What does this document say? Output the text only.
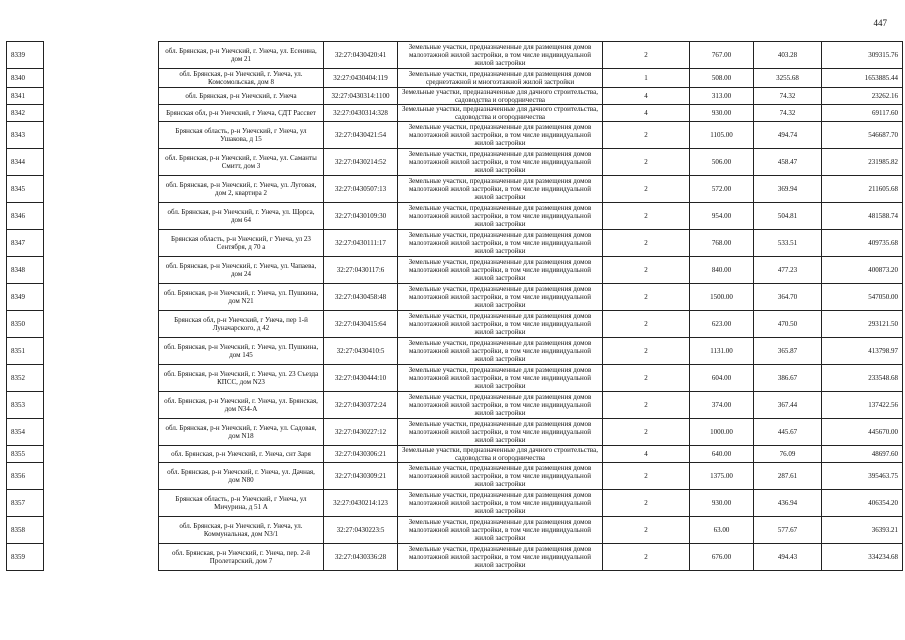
447
8339		обл. Брянская, р-н Унечский, г. Унеча, ул. Есенина, дом 21	32:27:0430420:41	Земельные участки, предназначенные для размещения домов малоэтажной жилой застройки, в том числе индивидуальной жилой застройки	2	767.00	403.28	309315.76
8340		обл. Брянская, р-н Унечский, г. Унеча, ул. Комсомольская, дом 8	32:27:0430404:119	Земельные участки, предназначенные для размещения домов среднеэтажной и многоэтажной жилой застройки	1	508.00	3255.68	1653885.44
8341		обл. Брянская, р-н Унечский, г. Унеча	32:27:0430314:1100	Земельные участки, предназначенные для дачного строительства, садоводства и огородничества	4	313.00	74.32	23262.16
8342		Брянская обл, р-н Унечский, г Унеча, СДТ Рассвет	32:27:0430314:328	Земельные участки, предназначенные для дачного строительства, садоводства и огородничества	4	930.00	74.32	69117.60
8343		Брянская область, р-н Унечский, г Унеча, ул Ушакова, д 15	32:27:0430421:54	Земельные участки, предназначенные для размещения домов малоэтажной жилой застройки, в том числе индивидуальной жилой застройки	2	1105.00	494.74	546687.70
8344		обл. Брянская, р-н Унечский, г. Унеча, ул. Саманты Смитт, дом 3	32:27:0430214:52	Земельные участки, предназначенные для размещения домов малоэтажной жилой застройки, в том числе индивидуальной жилой застройки	2	506.00	458.47	231985.82
8345		обл. Брянская, р-н Унечский, г. Унеча, ул. Луговая, дом 2, квартира 2	32:27:0430507:13	Земельные участки, предназначенные для размещения домов малоэтажной жилой застройки, в том числе индивидуальной жилой застройки	2	572.00	369.94	211605.68
8346		обл. Брянская, р-н Унечский, г. Унеча, ул. Щорса, дом 64	32:27:0430109:30	Земельные участки, предназначенные для размещения домов малоэтажной жилой застройки, в том числе индивидуальной жилой застройки	2	954.00	504.81	481588.74
8347		Брянская область, р-н Унечский, г Унеча, ул 23 Сентября, д 70 а	32:27:0430111:17	Земельные участки, предназначенные для размещения домов малоэтажной жилой застройки, в том числе индивидуальной жилой застройки	2	768.00	533.51	409735.68
8348		обл. Брянская, р-н Унечский, г. Унеча, ул. Чапаева, дом 24	32:27:0430117:6	Земельные участки, предназначенные для размещения домов малоэтажной жилой застройки, в том числе индивидуальной жилой застройки	2	840.00	477.23	400873.20
8349		обл. Брянская, р-н Унечский, г. Унеча, ул. Пушкина, дом N21	32:27:0430458:48	Земельные участки, предназначенные для размещения домов малоэтажной жилой застройки, в том числе индивидуальной жилой застройки	2	1500.00	364.70	547050.00
8350		Брянская обл, р-н Унечский, г Унеча, пер 1-й Луначарского, д 42	32:27:0430415:64	Земельные участки, предназначенные для размещения домов малоэтажной жилой застройки, в том числе индивидуальной жилой застройки	2	623.00	470.50	293121.50
8351		обл. Брянская, р-н Унечский, г. Унеча, ул. Пушкина, дом 145	32:27:0430410:5	Земельные участки, предназначенные для размещения домов малоэтажной жилой застройки, в том числе индивидуальной жилой застройки	2	1131.00	365.87	413798.97
8352		обл. Брянская, р-н Унечский, г. Унеча, ул. 23 Съезда КПСС, дом N23	32:27:0430444:10	Земельные участки, предназначенные для размещения домов малоэтажной жилой застройки, в том числе индивидуальной жилой застройки	2	604.00	386.67	233548.68
8353		обл. Брянская, р-н Унечский, г. Унеча, ул. Брянская, дом N34-А	32:27:0430372:24	Земельные участки, предназначенные для размещения домов малоэтажной жилой застройки, в том числе индивидуальной жилой застройки	2	374.00	367.44	137422.56
8354		обл. Брянская, р-н Унечский, г. Унеча, ул. Садовая, дом N18	32:27:0430227:12	Земельные участки, предназначенные для размещения домов малоэтажной жилой застройки, в том числе индивидуальной жилой застройки	2	1000.00	445.67	445670.00
8355		обл. Брянская, р-н Унечский, г. Унеча, снт Заря	32:27:0430306:21	Земельные участки, предназначенные для дачного строительства, садоводства и огородничества	4	640.00	76.09	48697.60
8356		обл. Брянская, р-н Унечский, г. Унеча, ул. Дачная, дом N80	32:27:0430309:21	Земельные участки, предназначенные для размещения домов малоэтажной жилой застройки, в том числе индивидуальной жилой застройки	2	1375.00	287.61	395463.75
8357		Брянская область, р-н Унечский, г Унеча, ул Мичурина, д 51 А	32:27:0430214:123	Земельные участки, предназначенные для размещения домов малоэтажной жилой застройки, в том числе индивидуальной жилой застройки	2	930.00	436.94	406354.20
8358		обл. Брянская, р-н Унечский, г. Унеча, ул. Коммунальная, дом N3/1	32:27:0430223:5	Земельные участки, предназначенные для размещения домов малоэтажной жилой застройки, в том числе индивидуальной жилой застройки	2	63.00	577.67	36393.21
8359		обл. Брянская, р-н Унечский, г. Унеча, пер. 2-й Пролетарский, дом 7	32:27:0430336:28	Земельные участки, предназначенные для размещения домов малоэтажной жилой застройки, в том числе индивидуальной жилой застройки	2	676.00	494.43	334234.68
